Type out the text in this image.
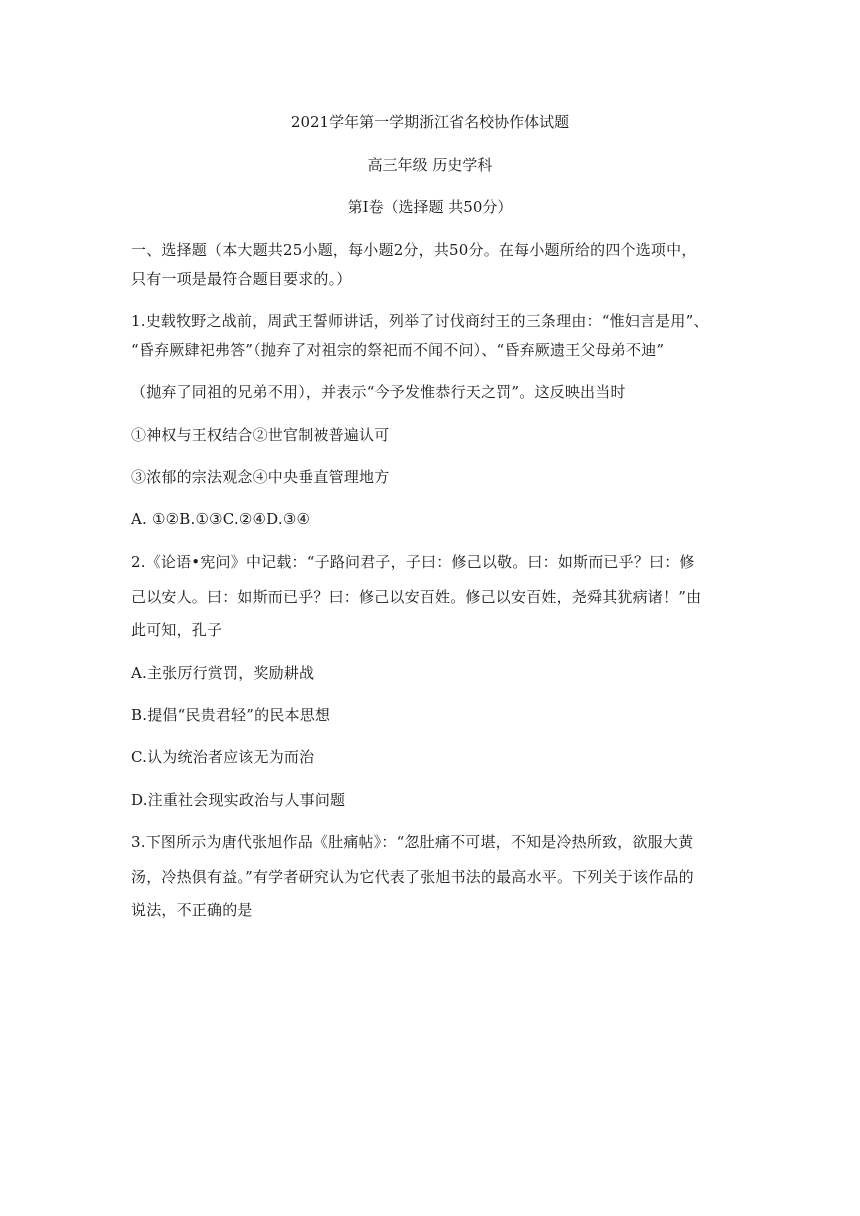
2021学年第一学期浙江省名校协作体试题
高三年级 历史学科
第Ⅰ卷（选择题 共50分）
一、选择题（本大题共25小题，每小题2分，共50分。在每小题所给的四个选项中，
只有一项是最符合题目要求的。）
1.史载牧野之战前，周武王誓师讲话，列举了讨伐商纣王的三条理由：“惟妇言是用”、
“昏弃厥肆祀弗答”（抛弃了对祖宗的祭祀而不闻不问）、“昏弃厥遗王父母弟不迪”
（抛弃了同祖的兄弟不用），并表示“今予发惟恭行天之罚”。这反映出当时
①神权与王权结合②世官制被普遍认可
③浓郁的宗法观念④中央垂直管理地方
A. ①②B.①③C.②④D.③④
2.《论语•宪问》中记载：“子路问君子，子曰：修己以敬。曰：如斯而已乎？曰：修
己以安人。曰：如斯而已乎？曰：修己以安百姓。修己以安百姓，尧舜其犹病诸！”由
此可知，孔子
A.主张厉行赏罚，奖励耕战
B.提倡“民贵君轻”的民本思想
C.认为统治者应该无为而治
D.注重社会现实政治与人事问题
3.下图所示为唐代张旭作品《肚痛帖》：“忽肚痛不可堪，不知是冷热所致，欲服大黄
汤，冷热俱有益。”有学者研究认为它代表了张旭书法的最高水平。下列关于该作品的
说法，不正确的是
